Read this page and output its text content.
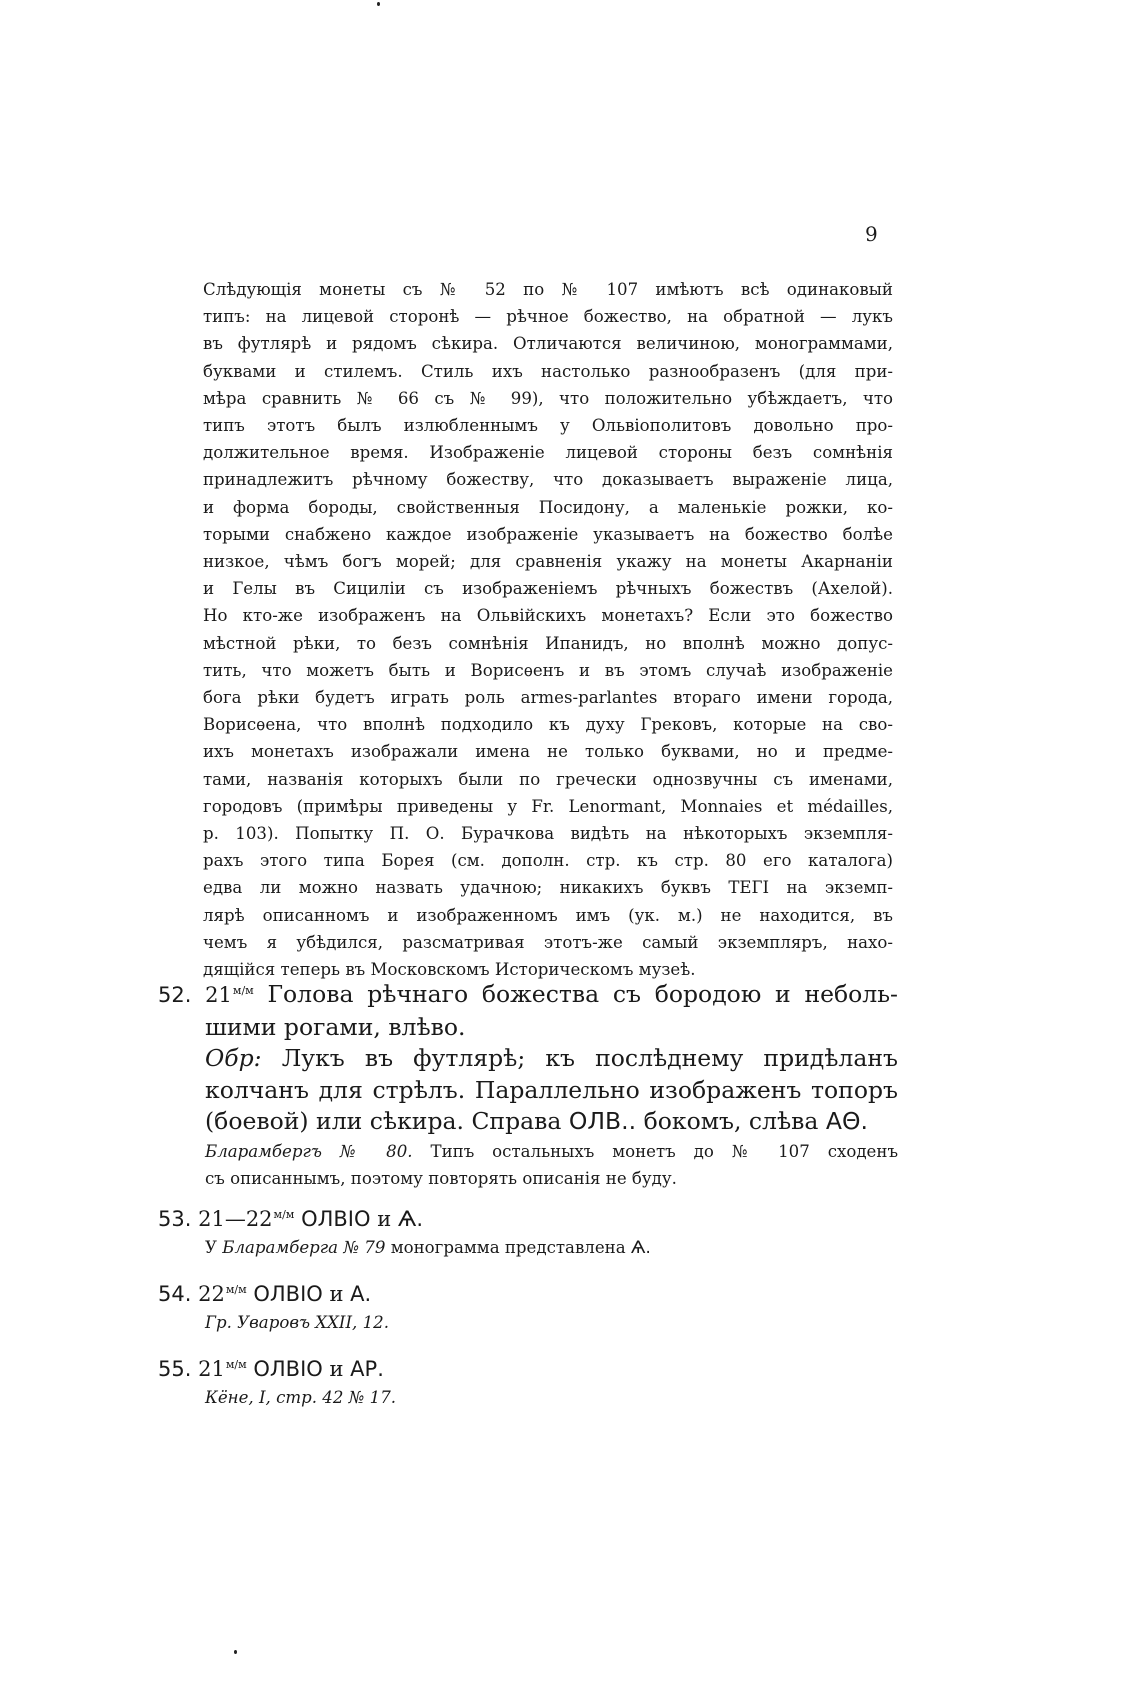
9
Слѣдующія монеты съ № 52 по № 107 имѣютъ всѣ одинаковый
типъ: на лицевой сторонѣ — рѣчное божество, на обратной — лукъ
въ футлярѣ и рядомъ сѣкира. Отличаются величиною, монограммами,
буквами и стилемъ. Стиль ихъ настолько разнообразенъ (для при-
мѣра сравнить № 66 съ № 99), что положительно убѣждаетъ, что
типъ этотъ былъ излюбленнымъ у Ольвіополитовъ довольно про-
должительное время. Изображеніе лицевой стороны безъ сомнѣнія
принадлежитъ рѣчному божеству, что доказываетъ выраженіе лица,
и форма бороды, свойственныя Посидону, а маленькіе рожки, ко-
торыми снабжено каждое изображеніе указываетъ на божество болѣе
низкое, чѣмъ богъ морей; для сравненія укажу на монеты Акарнаніи
и Гелы въ Сициліи съ изображеніемъ рѣчныхъ божествъ (Ахелой).
Но кто-же изображенъ на Ольвійскихъ монетахъ? Если это божество
мѣстной рѣки, то безъ сомнѣнія Ипанидъ, но вполнѣ можно допус-
тить, что можетъ быть и Ворисѳенъ и въ этомъ случаѣ изображеніе
бога рѣки будетъ играть роль armes-parlantes втораго имени города,
Ворисѳена, что вполнѣ подходило къ духу Грековъ, которые на сво-
ихъ монетахъ изображали имена не только буквами, но и предме-
тами, названія которыхъ были по гречески однозвучны съ именами,
городовъ (примѣры приведены у Fr. Lenormant, Monnaies et médailles,
p. 103). Попытку П. О. Бурачкова видѣть на нѣкоторыхъ экземпля-
рахъ этого типа Борея (см. дополн. стр. къ стр. 80 его каталога)
едва ли можно назвать удачною; никакихъ буквъ ТЕГІ на экземп-
лярѣ описанномъ и изображенномъ имъ (ук. м.) не находится, въ
чемъ я убѣдился, разсматривая этотъ-же самый экземпляръ, нахо-
дящійся теперь въ Московскомъ Историческомъ музеѣ.
52. $21^{м/м}$ Голова рѣчнаго божества съ бородою и неболь-
шими рогами, влѣво.
Обр: Лукъ въ футлярѣ; къ послѣднему придѣланъ
колчанъ для стрѣлъ. Параллельно изображенъ топоръ
(боевой) или сѣкира. Справа ОЛВ.. бокомъ, слѣва АΘ.
Бларамбергъ № 80. Типъ остальныхъ монетъ до № 107 сходенъ
съ описаннымъ, поэтому повторять описанія не буду.
53. $21—22^{м/м}$ ОЛВІО и Ѧ.
У Бларамберга № 79 монограмма представлена Ѧ.
54. $22^{м/м}$ ОЛВІО и А.
Гр. Уваровъ XXII, 12.
55. $21^{м/м}$ ОЛВІО и АР.
Кёне, I, стр. 42 № 17.
